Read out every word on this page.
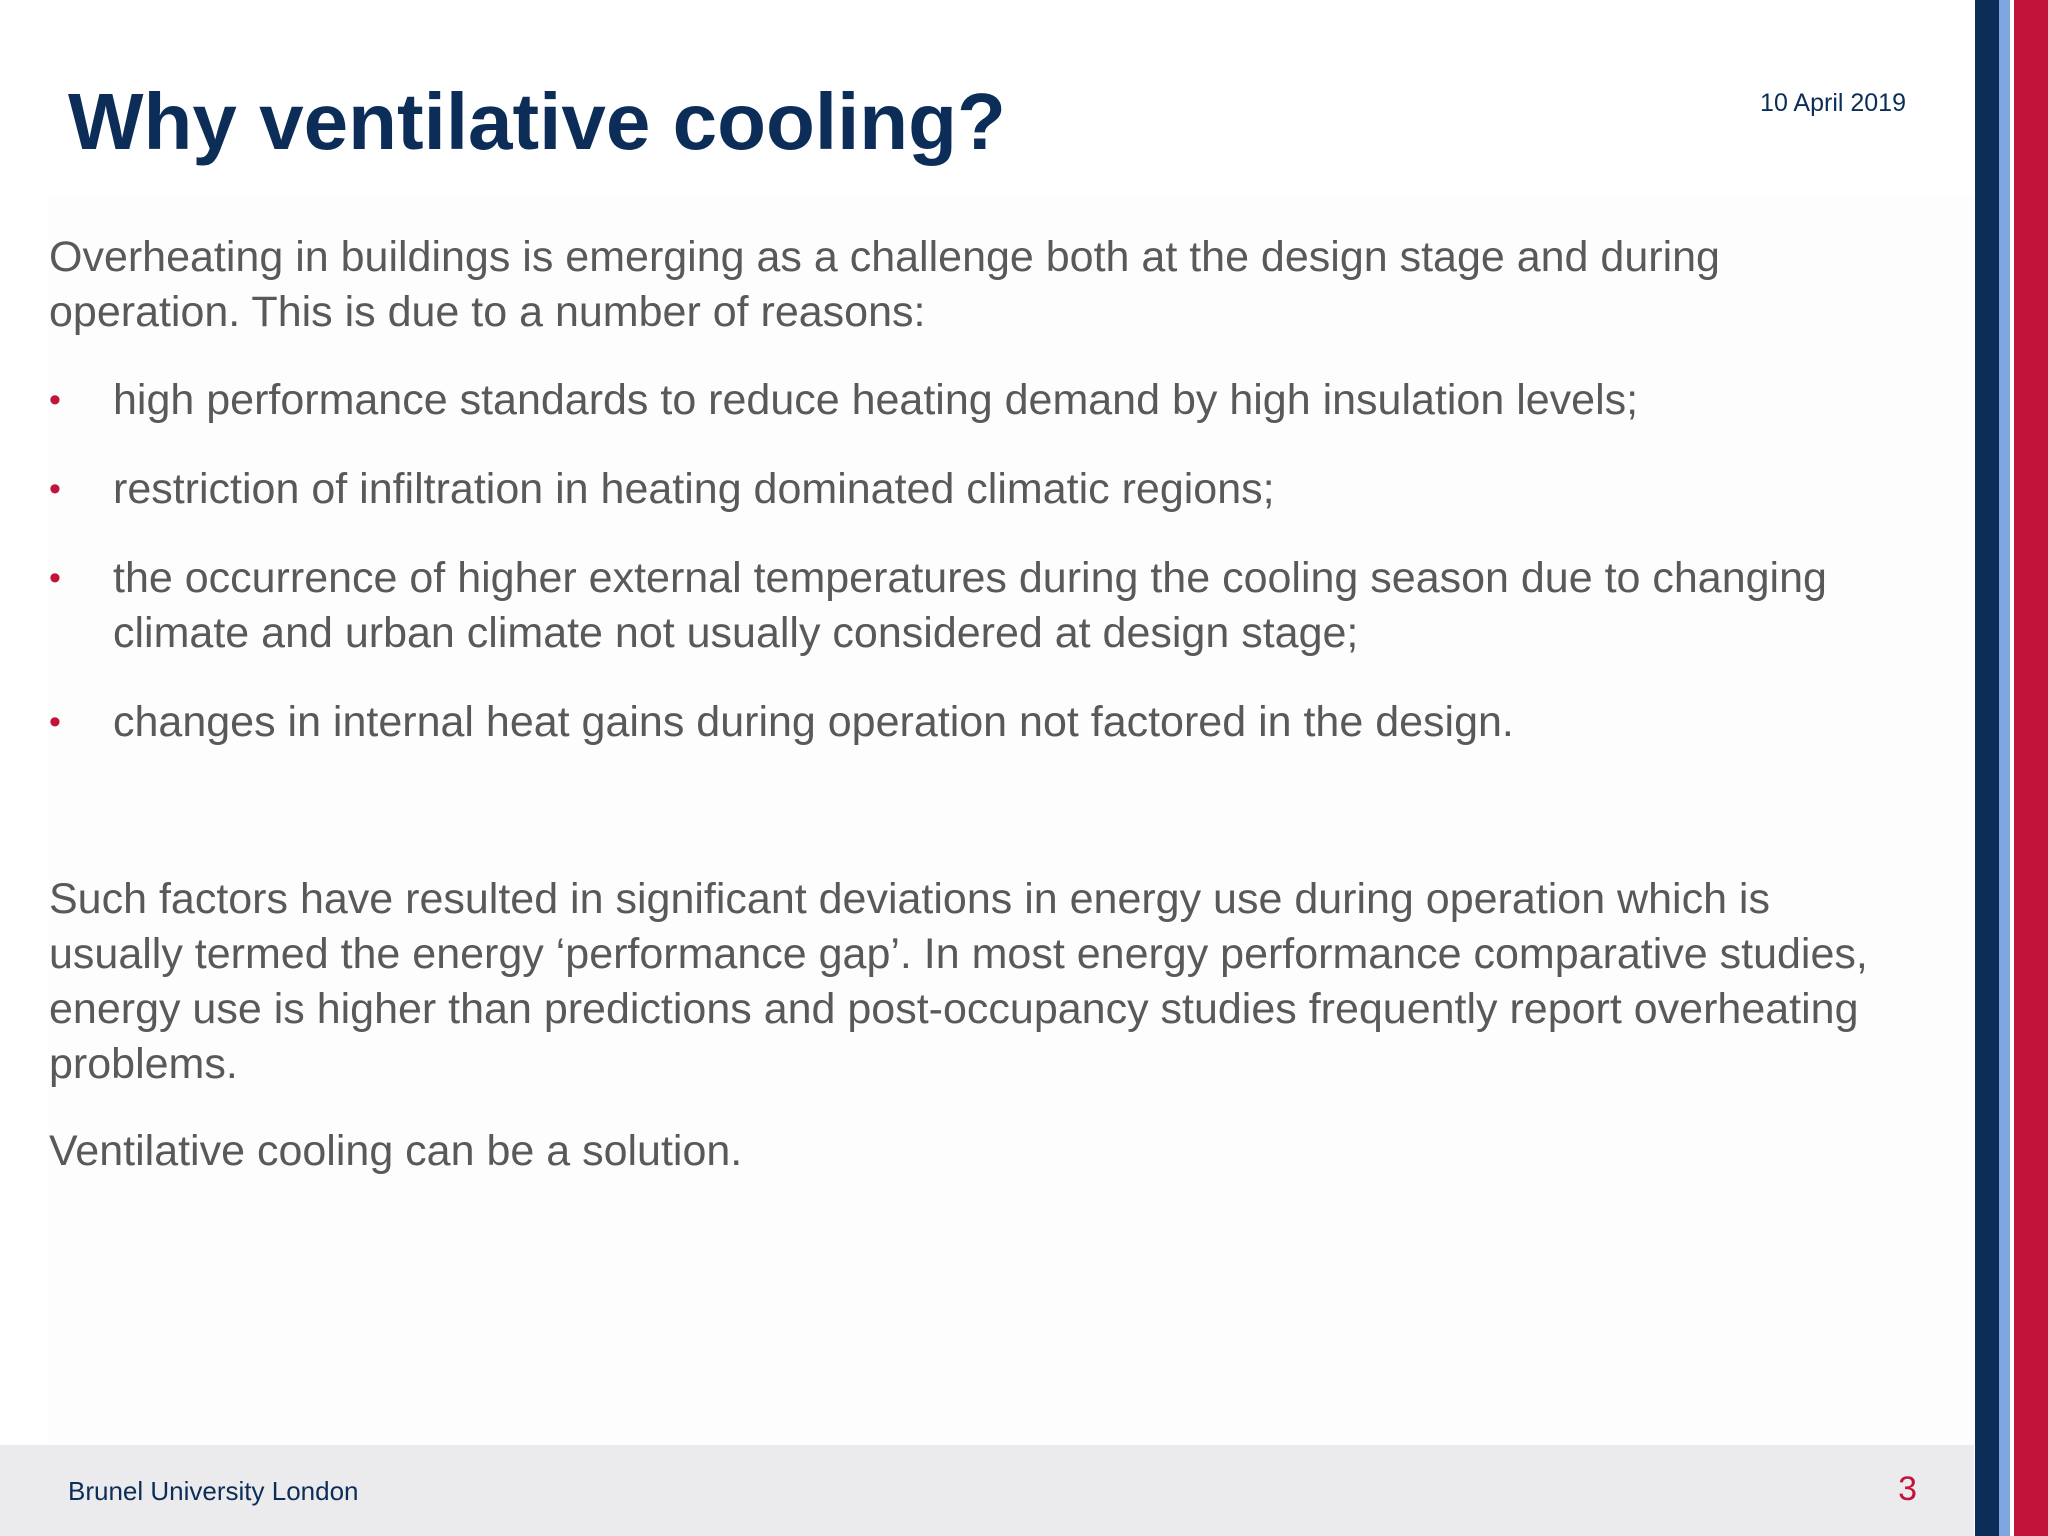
Why ventilative cooling?	10 April 2019

Overheating in buildings is emerging as a challenge both at the design stage and during operation. This is due to a number of reasons:

• high performance standards to reduce heating demand by high insulation levels;
• restriction of infiltration in heating dominated climatic regions;
• the occurrence of higher external temperatures during the cooling season due to changing climate and urban climate not usually considered at design stage;
• changes in internal heat gains during operation not factored in the design.

Such factors have resulted in significant deviations in energy use during operation which is usually termed the energy ‘performance gap’. In most energy performance comparative studies, energy use is higher than predictions and post-occupancy studies frequently report overheating problems.

Ventilative cooling can be a solution.

Brunel University London	3
